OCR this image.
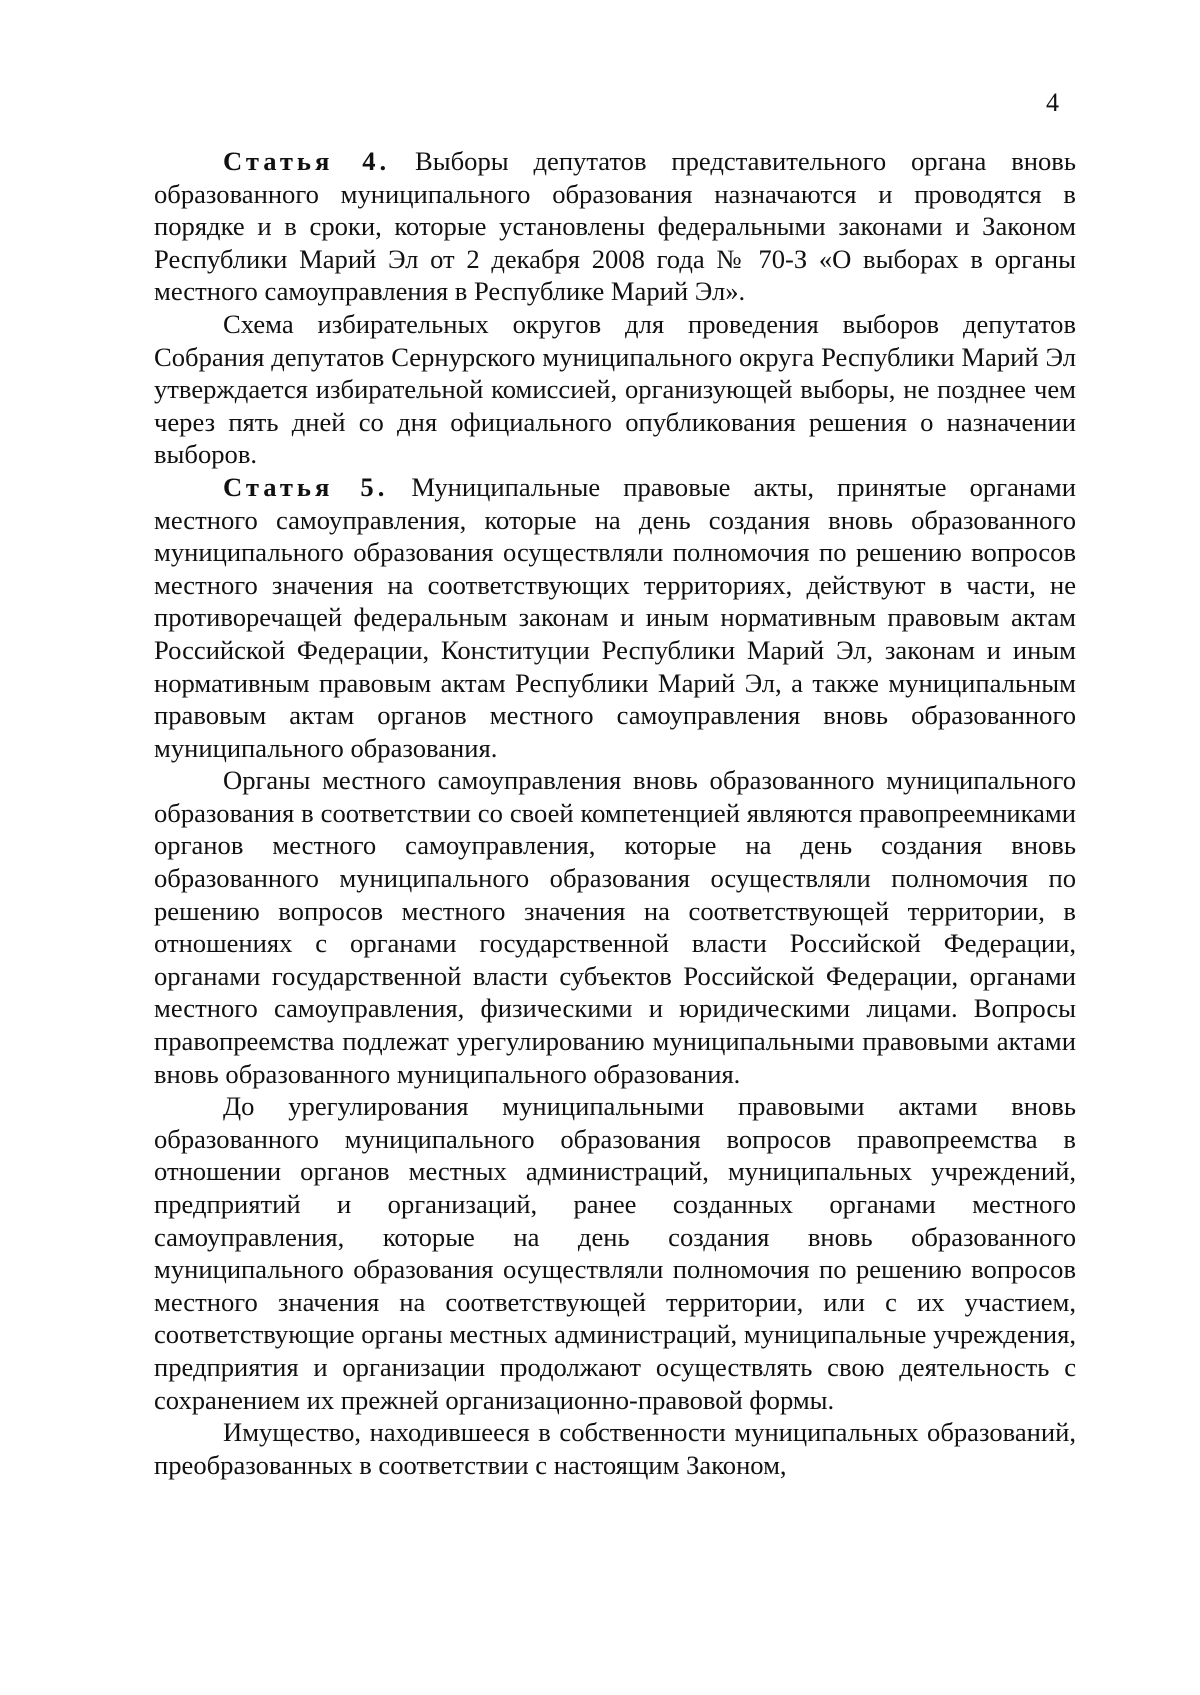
4

Статья 4. Выборы депутатов представительного органа вновь образованного муниципального образования назначаются и проводятся в порядке и в сроки, которые установлены федеральными законами и Законом Республики Марий Эл от 2 декабря 2008 года № 70-З «О выборах в органы местного самоуправления в Республике Марий Эл».

Схема избирательных округов для проведения выборов депутатов Собрания депутатов Сернурского муниципального округа Республики Марий Эл утверждается избирательной комиссией, организующей выборы, не позднее чем через пять дней со дня официального опубликования решения о назначении выборов.

Статья 5. Муниципальные правовые акты, принятые органами местного самоуправления, которые на день создания вновь образованного муниципального образования осуществляли полномочия по решению вопросов местного значения на соответствующих территориях, действуют в части, не противоречащей федеральным законам и иным нормативным правовым актам Российской Федерации, Конституции Республики Марий Эл, законам и иным нормативным правовым актам Республики Марий Эл, а также муниципальным правовым актам органов местного самоуправления вновь образованного муниципального образования.

Органы местного самоуправления вновь образованного муниципального образования в соответствии со своей компетенцией являются правопреемниками органов местного самоуправления, которые на день создания вновь образованного муниципального образования осуществляли полномочия по решению вопросов местного значения на соответствующей территории, в отношениях с органами государственной власти Российской Федерации, органами государственной власти субъектов Российской Федерации, органами местного самоуправления, физическими и юридическими лицами. Вопросы правопреемства подлежат урегулированию муниципальными правовыми актами вновь образованного муниципального образования.

До урегулирования муниципальными правовыми актами вновь образованного муниципального образования вопросов правопреемства в отношении органов местных администраций, муниципальных учреждений, предприятий и организаций, ранее созданных органами местного самоуправления, которые на день создания вновь образованного муниципального образования осуществляли полномочия по решению вопросов местного значения на соответствующей территории, или с их участием, соответствующие органы местных администраций, муниципальные учреждения, предприятия и организации продолжают осуществлять свою деятельность с сохранением их прежней организационно-правовой формы.

Имущество, находившееся в собственности муниципальных образований, преобразованных в соответствии с настоящим Законом,
